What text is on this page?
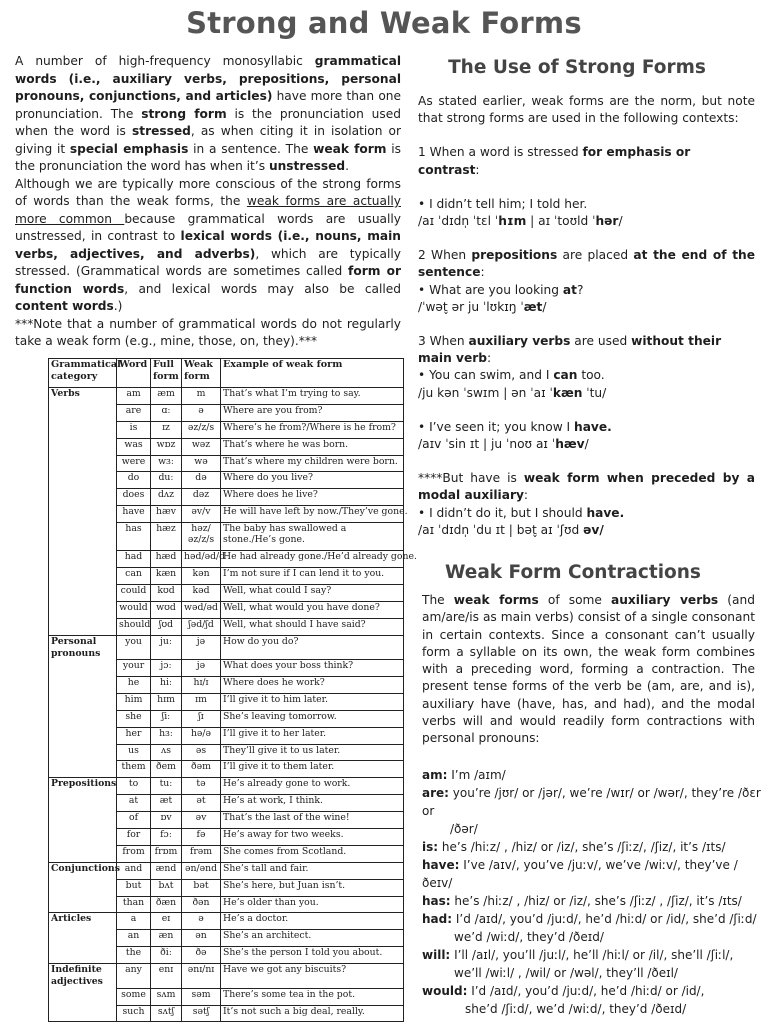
Strong and Weak Forms

A number of high-frequency monosyllabic grammatical words (i.e., auxiliary verbs, prepositions, personal pronouns, conjunctions, and articles) have more than one pronunciation. The strong form is the pronunciation used when the word is stressed, as when citing it in isolation or giving it special emphasis in a sentence. The weak form is the pronunciation the word has when it’s unstressed.

Although we are typically more conscious of the strong forms of words than the weak forms, the weak forms are actually more common because grammatical words are usually unstressed, in contrast to lexical words (i.e., nouns, main verbs, adjectives, and adverbs), which are typically stressed. (Grammatical words are sometimes called form or function words, and lexical words may also be called content words.)

***Note that a number of grammatical words do not regularly take a weak form (e.g., mine, those, on, they).***

Grammatical category	Word	Full form	Weak form	Example of weak form
Verbs	am	æm	m	That’s what I’m trying to say.
	are	ɑː	ə	Where are you from?
	is	ɪz	əz/z/s	Where’s he from?/Where is he from?
	was	wɒz	wəz	That’s where he was born.
	were	wɜː	wə	That’s where my children were born.
	do	duː	də	Where do you live?
	does	dʌz	dəz	Where does he live?
	have	hæv	əv/v	He will have left by now./They’ve gone.
	has	hæz	həz/əz/z/s	The baby has swallowed a stone./He’s gone.
	had	hæd	həd/əd/d	He had already gone./He’d already gone.
	can	kæn	kən	I’m not sure if I can lend it to you.
	could	kʊd	kəd	Well, what could I say?
	would	wʊd	wəd/əd	Well, what would you have done?
	should	ʃʊd	ʃəd/ʃd	Well, what should I have said?
Personal pronouns	you	juː	jə	How do you do?
	your	jɔː	jə	What does your boss think?
	he	hiː	hɪ/ɪ	Where does he work?
	him	hɪm	ɪm	I’ll give it to him later.
	she	ʃiː	ʃɪ	She’s leaving tomorrow.
	her	hɜː	hə/ə	I’ll give it to her later.
	us	ʌs	əs	They’ll give it to us later.
	them	ðem	ðəm	I’ll give it to them later.
Prepositions	to	tuː	tə	He’s already gone to work.
	at	æt	ət	He’s at work, I think.
	of	ɒv	əv	That’s the last of the wine!
	for	fɔː	fə	He’s away for two weeks.
	from	frɒm	frəm	She comes from Scotland.
Conjunctions	and	ænd	ən/ənd	She’s tall and fair.
	but	bʌt	bət	She’s here, but Juan isn’t.
	than	ðæn	ðən	He’s older than you.
Articles	a	eɪ	ə	He’s a doctor.
	an	æn	ən	She’s an architect.
	the	ðiː	ðə	She’s the person I told you about.
Indefinite adjectives	any	enɪ	ənɪ/nɪ	Have we got any biscuits?
	some	sʌm	səm	There’s some tea in the pot.
	such	sʌtʃ	sətʃ	It’s not such a big deal, really.
The Use of Strong Forms

As stated earlier, weak forms are the norm, but note that strong forms are used in the following contexts:

1 When a word is stressed for emphasis or contrast:

• I didn’t tell him; I told her.

/aɪ ˈdɪdn̩ ˈtɛl ˈhɪm | aɪ ˈtoʊld ˈhər/

2 When prepositions are placed at the end of the sentence:

• What are you looking at?

/ˈwət̬ ər ju ˈlʊkɪŋ ˈæt/

3 When auxiliary verbs are used without their main verb:

• You can swim, and I can too.

/ju kən ˈswɪm | ən ˈaɪ ˈkæn ˈtu/

• I’ve seen it; you know I have.

/aɪv ˈsin ɪt | ju ˈnoʊ aɪ ˈhæv/

****But have is weak form when preceded by a modal auxiliary:

• I didn’t do it, but I should have.

/aɪ ˈdɪdn̩ ˈdu ɪt | bət̬ aɪ ˈʃʊd əv/

Weak Form Contractions

The weak forms of some auxiliary verbs (and am/are/is as main verbs) consist of a single consonant in certain contexts. Since a consonant can’t usually form a syllable on its own, the weak form combines with a preceding word, forming a contraction. The present tense forms of the verb be (am, are, and is), auxiliary have (have, has, and had), and the modal verbs will and would readily form contractions with personal pronouns:

am: I’m /aɪm/

are: you’re /jʊr/ or /jər/, we’re /wɪr/ or /wər/, they’re /ðɛr

or

/ðər/

is: he’s /hiːz/ , /hiz/ or /iz/, she’s /ʃiːz/, /ʃiz/, it’s /ɪts/

have: I’ve /aɪv/, you’ve /juːv/, we’ve /wiːv/, they’ve /ðeɪv/

has: he’s /hiːz/ , /hiz/ or /iz/, she’s /ʃiːz/ , /ʃiz/, it’s /ɪts/

had: I’d /aɪd/, you’d /juːd/, he’d /hiːd/ or /id/, she’d /ʃiːd/

we’d /wiːd/, they’d /ðeɪd/

will: I’ll /aɪl/, you’ll /juːl/, he’ll /hiːl/ or /il/, she’ll /ʃiːl/,

we’ll /wiːl/ , /wil/ or /wəl/, they’ll /ðeɪl/

would: I’d /aɪd/, you’d /juːd/, he’d /hiːd/ or /id/,

she’d /ʃiːd/, we’d /wiːd/, they’d /ðeɪd/
